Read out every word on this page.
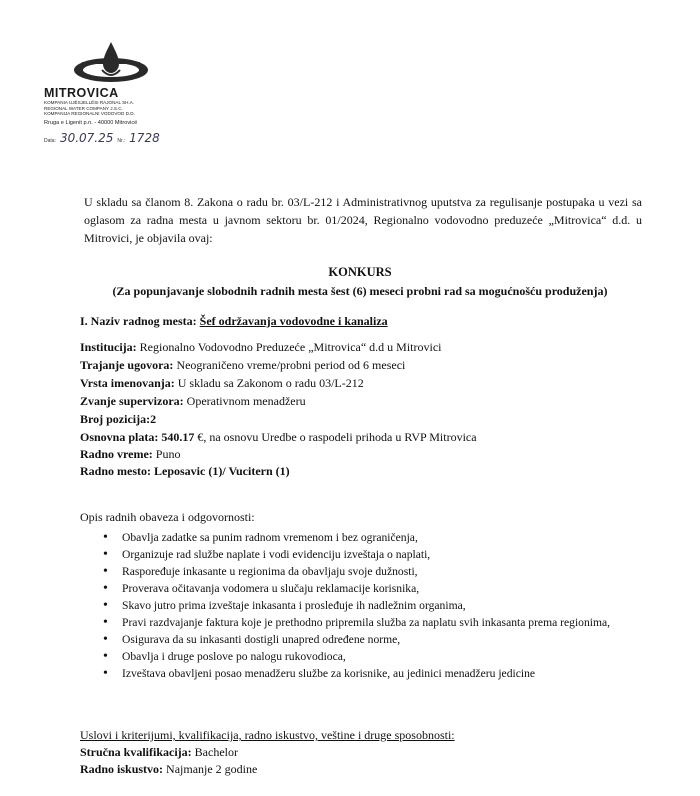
MITROVICA
KOMPANIA UJËSJELLËSI RAJONAL SH.A.
REGIONAL WATER COMPANY J.S.C.
KOMPANIJA REGIONALNI VODOVOD D.D.
Rruga e Ligenit p.n. - 40000 Mitrovicë
Data: 30.07.25 Nr.: 1728
U skladu sa članom 8. Zakona o radu br. 03/L-212 i Administrativnog uputstva za regulisanje postupaka u vezi sa oglasom za radna mesta u javnom sektoru br. 01/2024, Regionalno vodovodno preduzeće „Mitrovica“ d.d. u Mitrovici, je objavila ovaj:
KONKURS
(Za popunjavanje slobodnih radnih mesta šest (6) meseci probni rad sa mogućnošću produženja)
I. Naziv radnog mesta: Šef održavanja vodovodne i kanaliza
Institucija: Regionalno Vodovodno Preduzeće „Mitrovica“ d.d u Mitrovici
Trajanje ugovora: Neograničeno vreme/probni period od 6 meseci
Vrsta imenovanja: U skladu sa Zakonom o radu 03/L-212
Zvanje supervizora: Operativnom menadžeru
Broj pozicija:2
Osnovna plata: 540.17 €, na osnovu Uredbe o raspodeli prihoda u RVP Mitrovica
Radno vreme: Puno
Radno mesto: Leposavic (1)/ Vucitern (1)
Opis radnih obaveza i odgovornosti:
• Obavlja zadatke sa punim radnom vremenom i bez ograničenja,
• Organizuje rad službe naplate i vodi evidenciju izveštaja o naplati,
• Raspoređuje inkasante u regionima da obavljaju svoje dužnosti,
• Proverava očitavanja vodomera u slučaju reklamacije korisnika,
• Skavo jutro prima izveštaje inkasanta i prosleđuje ih nadležnim organima,
• Pravi razdvajanje faktura koje je prethodno pripremila služba za naplatu svih inkasanta prema regionima,
• Osigurava da su inkasanti dostigli unapred određene norme,
• Obavlja i druge poslove po nalogu rukovodioca,
• Izveštava obavljeni posao menadžeru službe za korisnike, au jedinici menadžeru jedicine
Uslovi i kriterijumi, kvalifikacija, radno iskustvo, veštine i druge sposobnosti:
Stručna kvalifikacija: Bachelor
Radno iskustvo: Najmanje 2 godine
